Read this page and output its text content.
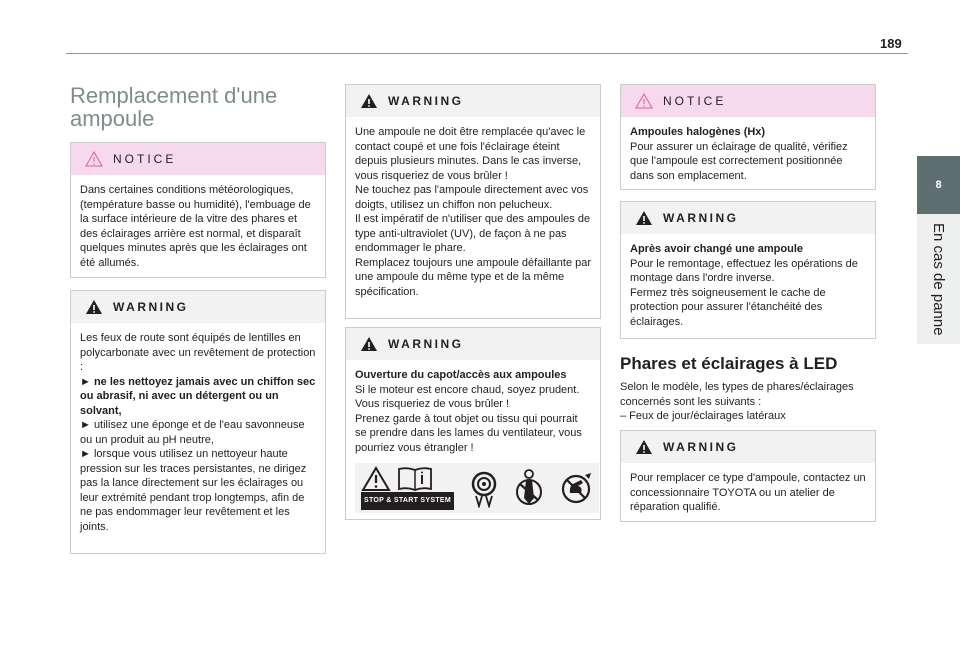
189
8
En cas de panne
Remplacement d'une ampoule
NOTICE

Dans certaines conditions météorologiques, (température basse ou humidité), l'embuage de la surface intérieure de la vitre des phares et des éclairages arrière est normal, et disparaît quelques minutes après que les éclairages ont été allumés.

WARNING

Les feux de route sont équipés de lentilles en polycarbonate avec un revêtement de protection :

► ne les nettoyez jamais avec un chiffon sec ou abrasif, ni avec un détergent ou un solvant,

► utilisez une éponge et de l'eau savonneuse ou un produit au pH neutre,

► lorsque vous utilisez un nettoyeur haute pression sur les traces persistantes, ne dirigez pas la lance directement sur les éclairages ou leur extrémité pendant trop longtemps, afin de ne pas endommager leur revêtement et les joints.

WARNING

Une ampoule ne doit être remplacée qu'avec le contact coupé et une fois l'éclairage éteint depuis plusieurs minutes. Dans le cas inverse, vous risqueriez de vous brûler !

Ne touchez pas l'ampoule directement avec vos doigts, utilisez un chiffon non pelucheux.

Il est impératif de n'utiliser que des ampoules de type anti-ultraviolet (UV), de façon à ne pas endommager le phare.

Remplacez toujours une ampoule défaillante par une ampoule du même type et de la même spécification.

WARNING

Ouverture du capot/accès aux ampoules

Si le moteur est encore chaud, soyez prudent. Vous risqueriez de vous brûler !

Prenez garde à tout objet ou tissu qui pourrait se prendre dans les lames du ventilateur, vous pourriez vous étrangler !

STOP & START SYSTEM
NOTICE

Ampoules halogènes (Hx)

Pour assurer un éclairage de qualité, vérifiez que l'ampoule est correctement positionnée dans son emplacement.

WARNING

Après avoir changé une ampoule

Pour le remontage, effectuez les opérations de montage dans l'ordre inverse.

Fermez très soigneusement le cache de protection pour assurer l'étanchéité des éclairages.

Phares et éclairages à LED

Selon le modèle, les types de phares/éclairages concernés sont les suivants :

– Feux de jour/éclairages latéraux

WARNING

Pour remplacer ce type d'ampoule, contactez un concessionnaire TOYOTA ou un atelier de réparation qualifié.
